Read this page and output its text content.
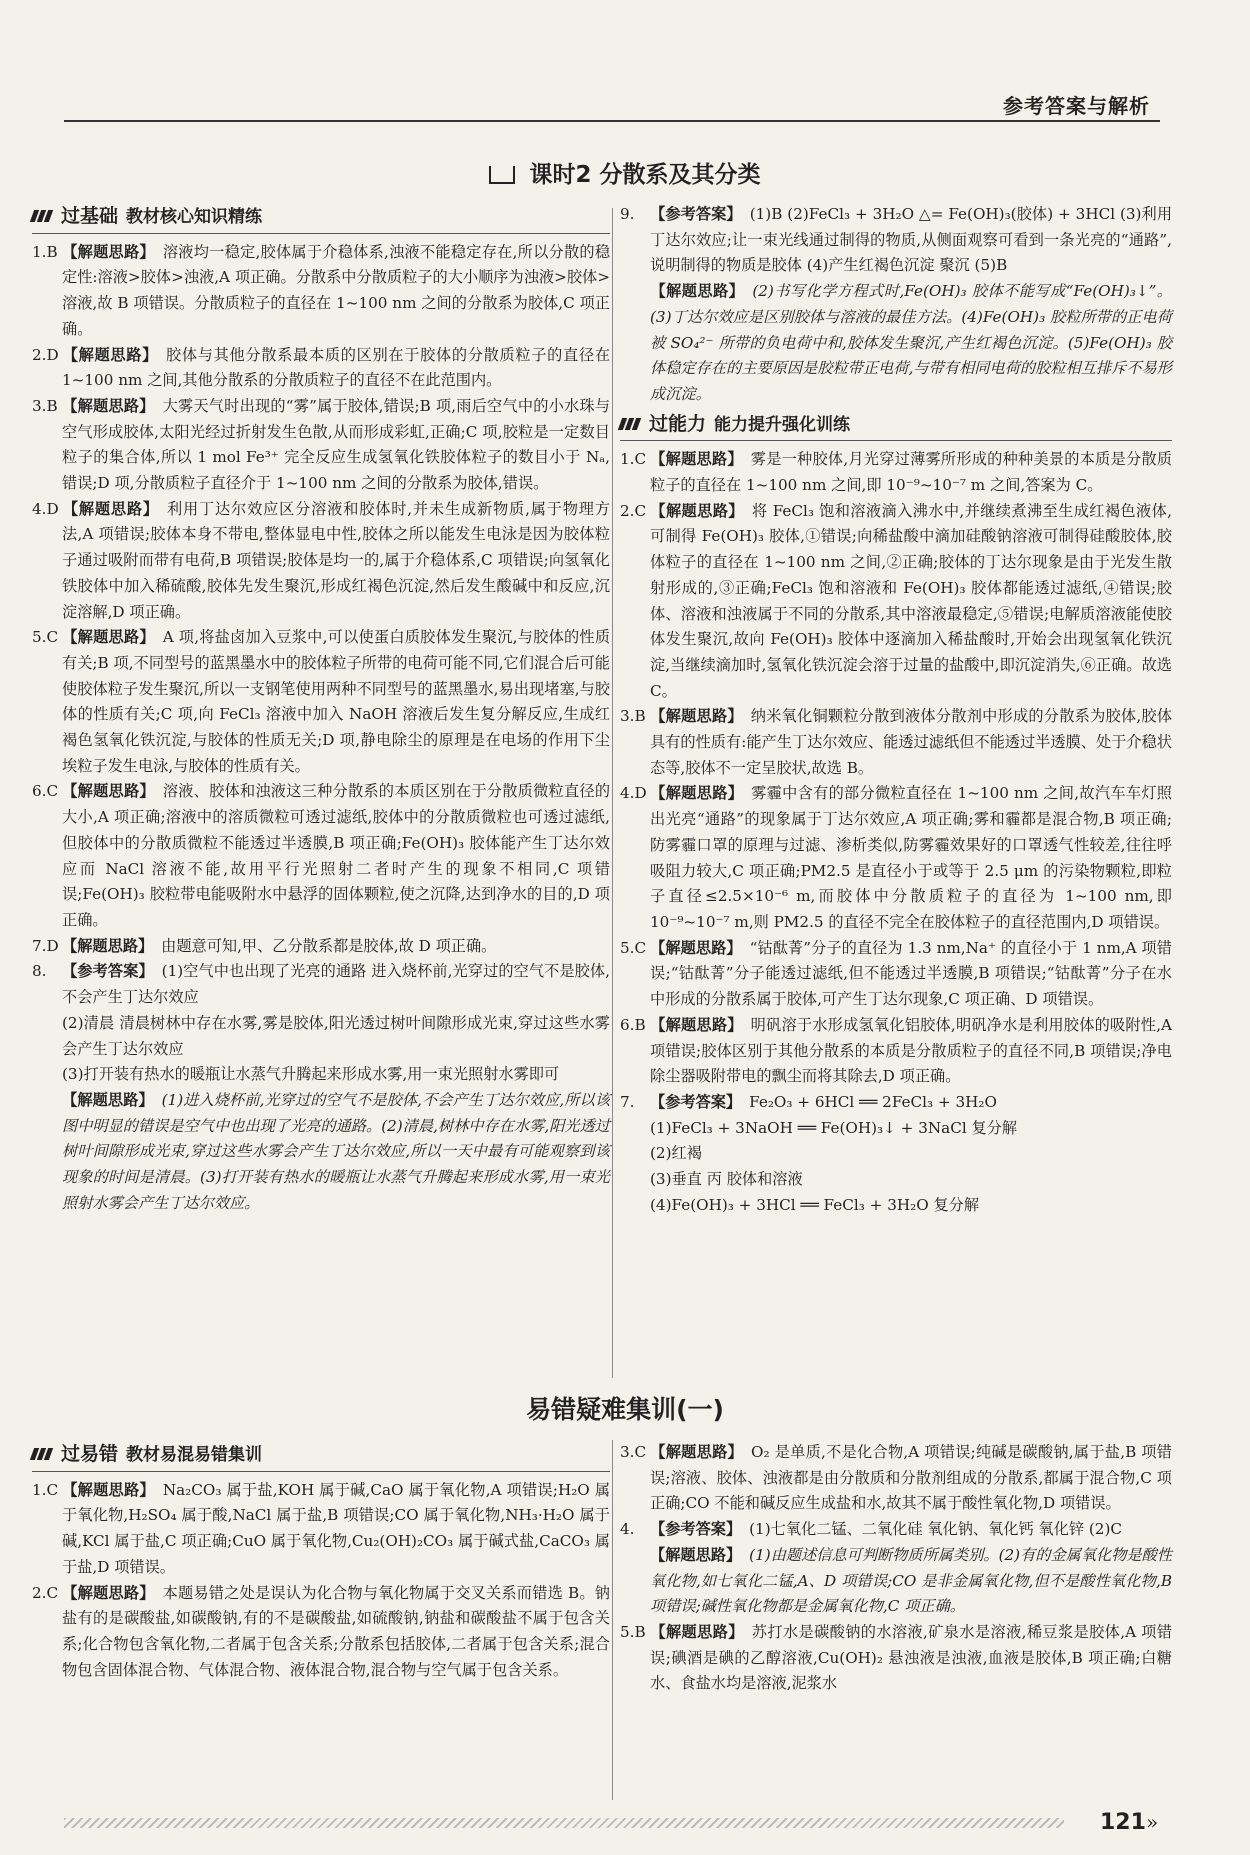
参考答案与解析
课时2 分散系及其分类
过基础 教材核心知识精练
1.B 【解题思路】 溶液均一稳定,胶体属于介稳体系,浊液不能稳定存在,所以分散的稳定性:溶液>胶体>浊液,A 项正确。分散系中分散质粒子的大小顺序为浊液>胶体>溶液,故 B 项错误。分散质粒子的直径在 1~100 nm 之间的分散系为胶体,C 项正确。
2.D 【解题思路】 胶体与其他分散系最本质的区别在于胶体的分散质粒子的直径在 1~100 nm 之间,其他分散系的分散质粒子的直径不在此范围内。
3.B 【解题思路】 大雾天气时出现的“雾”属于胶体,错误;B 项,雨后空气中的小水珠与空气形成胶体,太阳光经过折射发生色散,从而形成彩虹,正确;C 项,胶粒是一定数目粒子的集合体,所以 1 mol Fe³⁺ 完全反应生成氢氧化铁胶体粒子的数目小于 Nₐ,错误;D 项,分散质粒子直径介于 1~100 nm 之间的分散系为胶体,错误。
4.D 【解题思路】 利用丁达尔效应区分溶液和胶体时,并未生成新物质,属于物理方法,A 项错误;胶体本身不带电,整体显电中性,胶体之所以能发生电泳是因为胶体粒子通过吸附而带有电荷,B 项错误;胶体是均一的,属于介稳体系,C 项错误;向氢氧化铁胶体中加入稀硫酸,胶体先发生聚沉,形成红褐色沉淀,然后发生酸碱中和反应,沉淀溶解,D 项正确。
5.C 【解题思路】 A 项,将盐卤加入豆浆中,可以使蛋白质胶体发生聚沉,与胶体的性质有关;B 项,不同型号的蓝黑墨水中的胶体粒子所带的电荷可能不同,它们混合后可能使胶体粒子发生聚沉,所以一支钢笔使用两种不同型号的蓝黑墨水,易出现堵塞,与胶体的性质有关;C 项,向 FeCl₃ 溶液中加入 NaOH 溶液后发生复分解反应,生成红褐色氢氧化铁沉淀,与胶体的性质无关;D 项,静电除尘的原理是在电场的作用下尘埃粒子发生电泳,与胶体的性质有关。
6.C 【解题思路】 溶液、胶体和浊液这三种分散系的本质区别在于分散质微粒直径的大小,A 项正确;溶液中的溶质微粒可透过滤纸,胶体中的分散质微粒也可透过滤纸,但胶体中的分散质微粒不能透过半透膜,B 项正确;Fe(OH)₃ 胶体能产生丁达尔效应而 NaCl 溶液不能,故用平行光照射二者时产生的现象不相同,C 项错误;Fe(OH)₃ 胶粒带电能吸附水中悬浮的固体颗粒,使之沉降,达到净水的目的,D 项正确。
7.D 【解题思路】 由题意可知,甲、乙分散系都是胶体,故 D 项正确。
8. 【参考答案】 (1)空气中也出现了光亮的通路 进入烧杯前,光穿过的空气不是胶体,不会产生丁达尔效应
(2)清晨 清晨树林中存在水雾,雾是胶体,阳光透过树叶间隙形成光束,穿过这些水雾会产生丁达尔效应
(3)打开装有热水的暖瓶让水蒸气升腾起来形成水雾,用一束光照射水雾即可
【解题思路】 (1)进入烧杯前,光穿过的空气不是胶体,不会产生丁达尔效应,所以该图中明显的错误是空气中也出现了光亮的通路。(2)清晨,树林中存在水雾,阳光透过树叶间隙形成光束,穿过这些水雾会产生丁达尔效应,所以一天中最有可能观察到该现象的时间是清晨。(3)打开装有热水的暖瓶让水蒸气升腾起来形成水雾,用一束光照射水雾会产生丁达尔效应。
9. 【参考答案】 (1)B (2)FeCl₃ + 3H₂O △= Fe(OH)₃(胶体) + 3HCl (3)利用丁达尔效应;让一束光线通过制得的物质,从侧面观察可看到一条光亮的“通路”,说明制得的物质是胶体 (4)产生红褐色沉淀 聚沉 (5)B
【解题思路】 (2)书写化学方程式时,Fe(OH)₃ 胶体不能写成“Fe(OH)₃↓”。(3)丁达尔效应是区别胶体与溶液的最佳方法。(4)Fe(OH)₃ 胶粒所带的正电荷被 SO₄²⁻ 所带的负电荷中和,胶体发生聚沉,产生红褐色沉淀。(5)Fe(OH)₃ 胶体稳定存在的主要原因是胶粒带正电荷,与带有相同电荷的胶粒相互排斥不易形成沉淀。
过能力 能力提升强化训练
1.C 【解题思路】 雾是一种胶体,月光穿过薄雾所形成的种种美景的本质是分散质粒子的直径在 1~100 nm 之间,即 10⁻⁹~10⁻⁷ m 之间,答案为 C。
2.C 【解题思路】 将 FeCl₃ 饱和溶液滴入沸水中,并继续煮沸至生成红褐色液体,可制得 Fe(OH)₃ 胶体,①错误;向稀盐酸中滴加硅酸钠溶液可制得硅酸胶体,胶体粒子的直径在 1~100 nm 之间,②正确;胶体的丁达尔现象是由于光发生散射形成的,③正确;FeCl₃ 饱和溶液和 Fe(OH)₃ 胶体都能透过滤纸,④错误;胶体、溶液和浊液属于不同的分散系,其中溶液最稳定,⑤错误;电解质溶液能使胶体发生聚沉,故向 Fe(OH)₃ 胶体中逐滴加入稀盐酸时,开始会出现氢氧化铁沉淀,当继续滴加时,氢氧化铁沉淀会溶于过量的盐酸中,即沉淀消失,⑥正确。故选 C。
3.B 【解题思路】 纳米氧化铜颗粒分散到液体分散剂中形成的分散系为胶体,胶体具有的性质有:能产生丁达尔效应、能透过滤纸但不能透过半透膜、处于介稳状态等,胶体不一定呈胶状,故选 B。
4.D 【解题思路】 雾霾中含有的部分微粒直径在 1~100 nm 之间,故汽车车灯照出光亮“通路”的现象属于丁达尔效应,A 项正确;雾和霾都是混合物,B 项正确;防雾霾口罩的原理与过滤、渗析类似,防雾霾效果好的口罩透气性较差,往往呼吸阻力较大,C 项正确;PM2.5 是直径小于或等于 2.5 μm 的污染物颗粒,即粒子直径≤2.5×10⁻⁶ m,而胶体中分散质粒子的直径为 1~100 nm,即 10⁻⁹~10⁻⁷ m,则 PM2.5 的直径不完全在胶体粒子的直径范围内,D 项错误。
5.C 【解题思路】 “钴酞菁”分子的直径为 1.3 nm,Na⁺ 的直径小于 1 nm,A 项错误;“钴酞菁”分子能透过滤纸,但不能透过半透膜,B 项错误;“钴酞菁”分子在水中形成的分散系属于胶体,可产生丁达尔现象,C 项正确、D 项错误。
6.B 【解题思路】 明矾溶于水形成氢氧化铝胶体,明矾净水是利用胶体的吸附性,A 项错误;胶体区别于其他分散系的本质是分散质粒子的直径不同,B 项错误;净电除尘器吸附带电的飘尘而将其除去,D 项正确。
7. 【参考答案】 Fe₂O₃ + 6HCl ══ 2FeCl₃ + 3H₂O
(1)FeCl₃ + 3NaOH ══ Fe(OH)₃↓ + 3NaCl 复分解
(2)红褐
(3)垂直 丙 胶体和溶液
(4)Fe(OH)₃ + 3HCl ══ FeCl₃ + 3H₂O 复分解
易错疑难集训(一)
过易错 教材易混易错集训
1.C 【解题思路】 Na₂CO₃ 属于盐,KOH 属于碱,CaO 属于氧化物,A 项错误;H₂O 属于氧化物,H₂SO₄ 属于酸,NaCl 属于盐,B 项错误;CO 属于氧化物,NH₃·H₂O 属于碱,KCl 属于盐,C 项正确;CuO 属于氧化物,Cu₂(OH)₂CO₃ 属于碱式盐,CaCO₃ 属于盐,D 项错误。
2.C 【解题思路】 本题易错之处是误认为化合物与氧化物属于交叉关系而错选 B。钠盐有的是碳酸盐,如碳酸钠,有的不是碳酸盐,如硫酸钠,钠盐和碳酸盐不属于包含关系;化合物包含氧化物,二者属于包含关系;分散系包括胶体,二者属于包含关系;混合物包含固体混合物、气体混合物、液体混合物,混合物与空气属于包含关系。
3.C 【解题思路】 O₂ 是单质,不是化合物,A 项错误;纯碱是碳酸钠,属于盐,B 项错误;溶液、胶体、浊液都是由分散质和分散剂组成的分散系,都属于混合物,C 项正确;CO 不能和碱反应生成盐和水,故其不属于酸性氧化物,D 项错误。
4. 【参考答案】 (1)七氧化二锰、二氧化硅 氧化钠、氧化钙 氧化锌 (2)C
【解题思路】 (1)由题述信息可判断物质所属类别。(2)有的金属氧化物是酸性氧化物,如七氧化二锰,A、D 项错误;CO 是非金属氧化物,但不是酸性氧化物,B 项错误;碱性氧化物都是金属氧化物,C 项正确。
5.B 【解题思路】 苏打水是碳酸钠的水溶液,矿泉水是溶液,稀豆浆是胶体,A 项错误;碘酒是碘的乙醇溶液,Cu(OH)₂ 悬浊液是浊液,血液是胶体,B 项正确;白糖水、食盐水均是溶液,泥浆水
121 »
